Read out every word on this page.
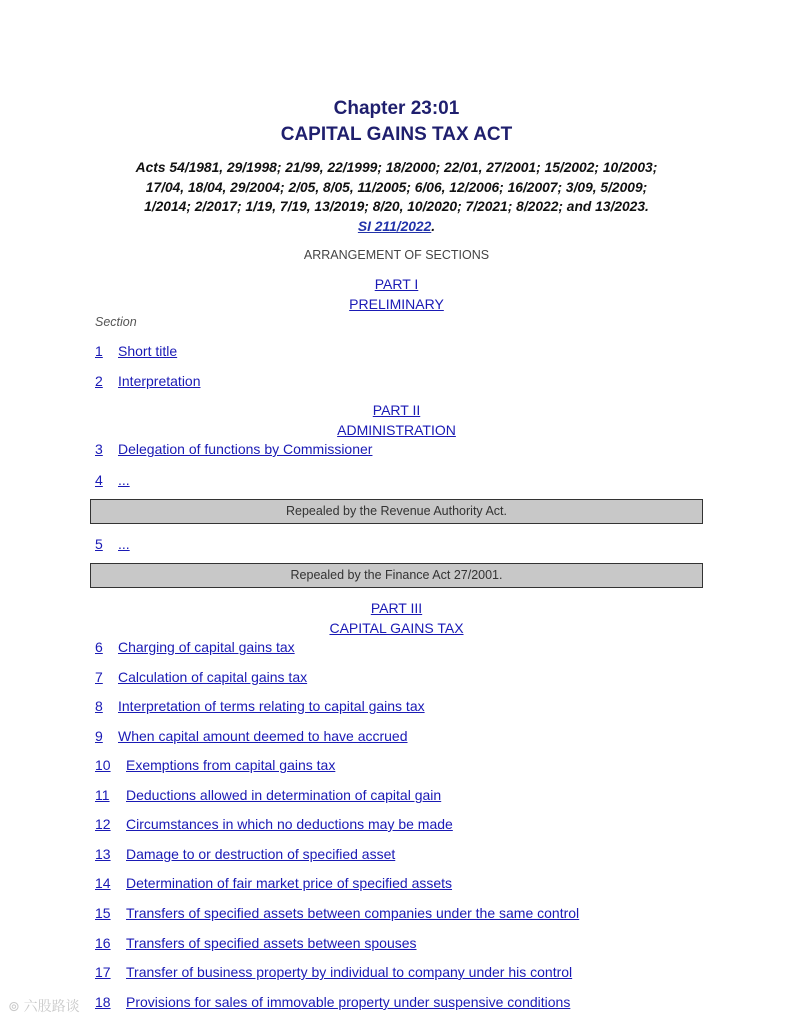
Chapter 23:01
CAPITAL GAINS TAX ACT
Acts 54/1981, 29/1998; 21/99, 22/1999; 18/2000; 22/01, 27/2001; 15/2002; 10/2003;
17/04, 18/04, 29/2004; 2/05, 8/05, 11/2005; 6/06, 12/2006; 16/2007; 3/09, 5/2009;
1/2014; 2/2017; 1/19, 7/19, 13/2019; 8/20, 10/2020; 7/2021; 8/2022; and 13/2023.
SI 211/2022.
ARRANGEMENT OF SECTIONS
PART I
PRELIMINARY
Section
1 Short title
2 Interpretation
PART II
ADMINISTRATION
3 Delegation of functions by Commissioner
4 ...
Repealed by the Revenue Authority Act.
5 ...
Repealed by the Finance Act 27/2001.
PART III
CAPITAL GAINS TAX
6 Charging of capital gains tax
7 Calculation of capital gains tax
8 Interpretation of terms relating to capital gains tax
9 When capital amount deemed to have accrued
10 Exemptions from capital gains tax
11 Deductions allowed in determination of capital gain
12 Circumstances in which no deductions may be made
13 Damage to or destruction of specified asset
14 Determination of fair market price of specified assets
15 Transfers of specified assets between companies under the same control
16 Transfers of specified assets between spouses
17 Transfer of business property by individual to company under his control
18 Provisions for sales of immovable property under suspensive conditions
⊚ 六股路谈
